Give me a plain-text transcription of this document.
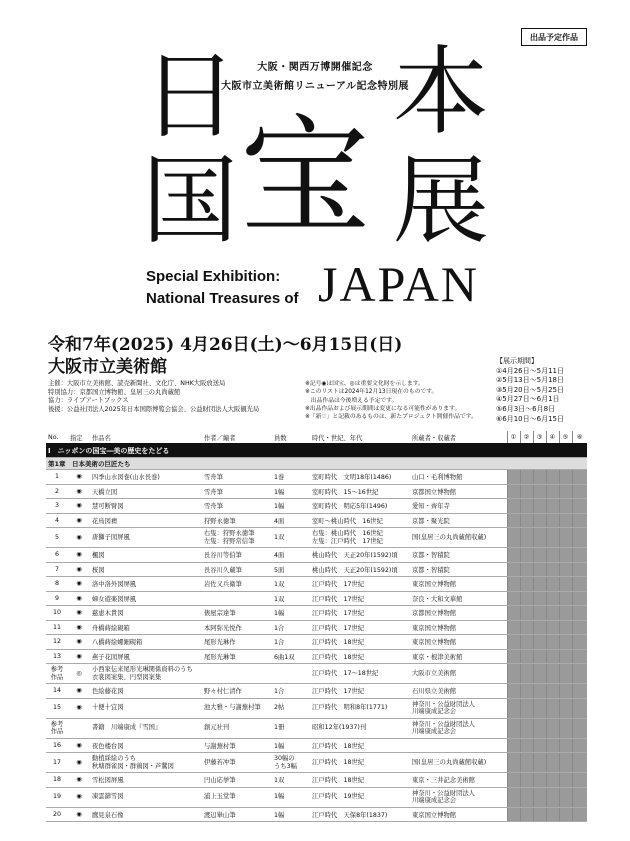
出品予定作品
大阪・関西万博開催記念
大阪市立美術館リニューアル記念特別展
日 本
国 宝 展
Special Exhibition:
National Treasures of JAPAN
令和7年(2025) 4月26日(土)～6月15日(日)
大阪市立美術館	【展示期間】
①4月26日～5月11日
②5月13日～5月18日
③5月20日～5月25日
④5月27日～6月1日
⑤6月3日～6月8日
⑥6月10日～6月15日
主催：大阪市立美術館、読売新聞社、文化庁、NHK大阪放送局
特別協力：京都国立博物館、皇居三の丸尚蔵館
協力：ライブアートブックス
後援：公益社団法人2025年日本国際博覧会協会、公益財団法人大阪観光局
※記号◉は国宝、◎は重要文化財を示します。
※このリストは2024年12月13日現在のものです。
　出品作品は今後増える予定です。
※出品作品および展示期間は変更になる可能性があります。
※「新♡」と記載のあるものは、新たプロジェクト開催作品です。
No.	指定	作品名	作者／編者	員数	時代・世紀、年代	所蔵者・収蔵者	①	②	③	④	⑤	⑥
I　ニッポンの国宝―美の歴史をたどる												
第1章　日本美術の巨匠たち												
1	◉	四季山水図巻(山水長巻)	雪舟筆	1巻	室町時代　文明18年(1486)	山口・毛利博物館						
2	◉	天橋立図	雪舟筆	1幅	室町時代　15～16世紀	京都国立博物館						
3	◉	慧可断臂図	雪舟筆	1幅	室町時代　明応5年(1496)	愛知・齊年寺						
4	◉	花鳥図襖	狩野永徳筆	4面	室町～桃山時代　16世紀	京都・聚光院						
5	◉	唐獅子図屏風	右隻：狩野永徳筆
左隻：狩野常信筆	1双	右隻：桃山時代　16世紀
左隻：江戸時代　17世紀	国(皇居三の丸尚蔵館収蔵)						
6	◉	楓図	長谷川等伯筆	4面	桃山時代　天正20年(1592)頃	京都・智積院						
7	◉	桜図	長谷川久蔵筆	5面	桃山時代　天正20年(1592)頃	京都・智積院						
8	◉	洛中洛外図屏風	岩佐又兵衛筆	1双	江戸時代　17世紀	東京国立博物館						
9	◉	婦女遊楽図屏風		1双	江戸時代　17世紀	奈良・大和文華館						
10	◉	慈恵木貴図	俵屋宗達筆	1幅	江戸時代　17世紀	京都国立博物館						
11	◉	舟橋蒔絵硯箱	本阿弥光悦作	1合	江戸時代　17世紀	東京国立博物館						
12	◉	八橋蒔絵螺鈿硯箱	尾形光琳作	1合	江戸時代　18世紀	東京国立博物館						
13	◉	燕子花図屏風	尾形光琳筆	6曲1双	江戸時代　18世紀	東京・根津美術館						
参考作品	◎	小西家伝来尾形光琳関係資料のうち
衣裳図案集、円型図案集			江戸時代　17～18世紀	大阪市立美術館						
14	◉	色絵藤花図	野々村仁清作	1合	江戸時代　17世紀	石川県立美術館						
15	◉	十便十宜図	池大雅・与謝蕪村筆	2帖	江戸時代　明和8年(1771)	神奈川・公益財団法人
川端康成記念会						
参考作品		書籍　川端康成『雪国』	創元社刊	1冊	昭和12年(1937)刊	神奈川・公益財団法人
川端康成記念会						
16	◉	夜色楼台図	与謝蕪村筆	1幅	江戸時代　18世紀							
17	◉	動植綵絵のうち
秋塘群雀図・群鶏図・芦鵞図	伊藤若冲筆	30幅の
うち3幅	江戸時代　18世紀	国(皇居三の丸尚蔵館収蔵)						
18	◉	雪松図屏風	円山応挙筆	1双	江戸時代　18世紀	東京・三井記念美術館						
19	◉	凍雲篩雪図	浦上玉堂筆	1幅	江戸時代　19世紀	神奈川・公益財団法人
川端康成記念会						
20	◉	鷹見泉石像	渡辺崋山筆	1幅	江戸時代　天保8年(1837)	東京国立博物館						
